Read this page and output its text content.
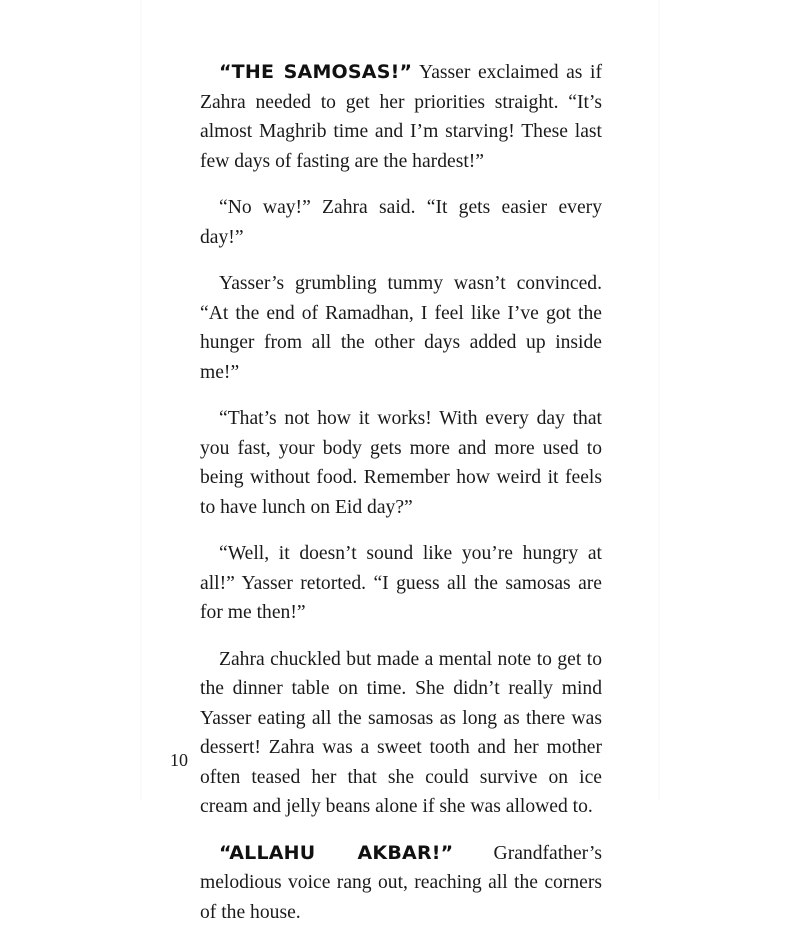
“THE SAMOSAS!” Yasser exclaimed as if Zahra needed to get her priorities straight. “It’s almost Maghrib time and I’m starving! These last few days of fasting are the hardest!”

“No way!” Zahra said. “It gets easier every day!”

Yasser’s grumbling tummy wasn’t convinced. “At the end of Ramadhan, I feel like I’ve got the hunger from all the other days added up inside me!”

“That’s not how it works! With every day that you fast, your body gets more and more used to being without food. Remember how weird it feels to have lunch on Eid day?”

“Well, it doesn’t sound like you’re hungry at all!” Yasser retorted. “I guess all the samosas are for me then!”

Zahra chuckled but made a mental note to get to the dinner table on time. She didn’t really mind Yasser eating all the samosas as long as there was dessert! Zahra was a sweet tooth and her mother often teased her that she could survive on ice cream and jelly beans alone if she was allowed to.

“ALLAHU AKBAR!” Grandfather’s melodious voice rang out, reaching all the corners of the house.

10
